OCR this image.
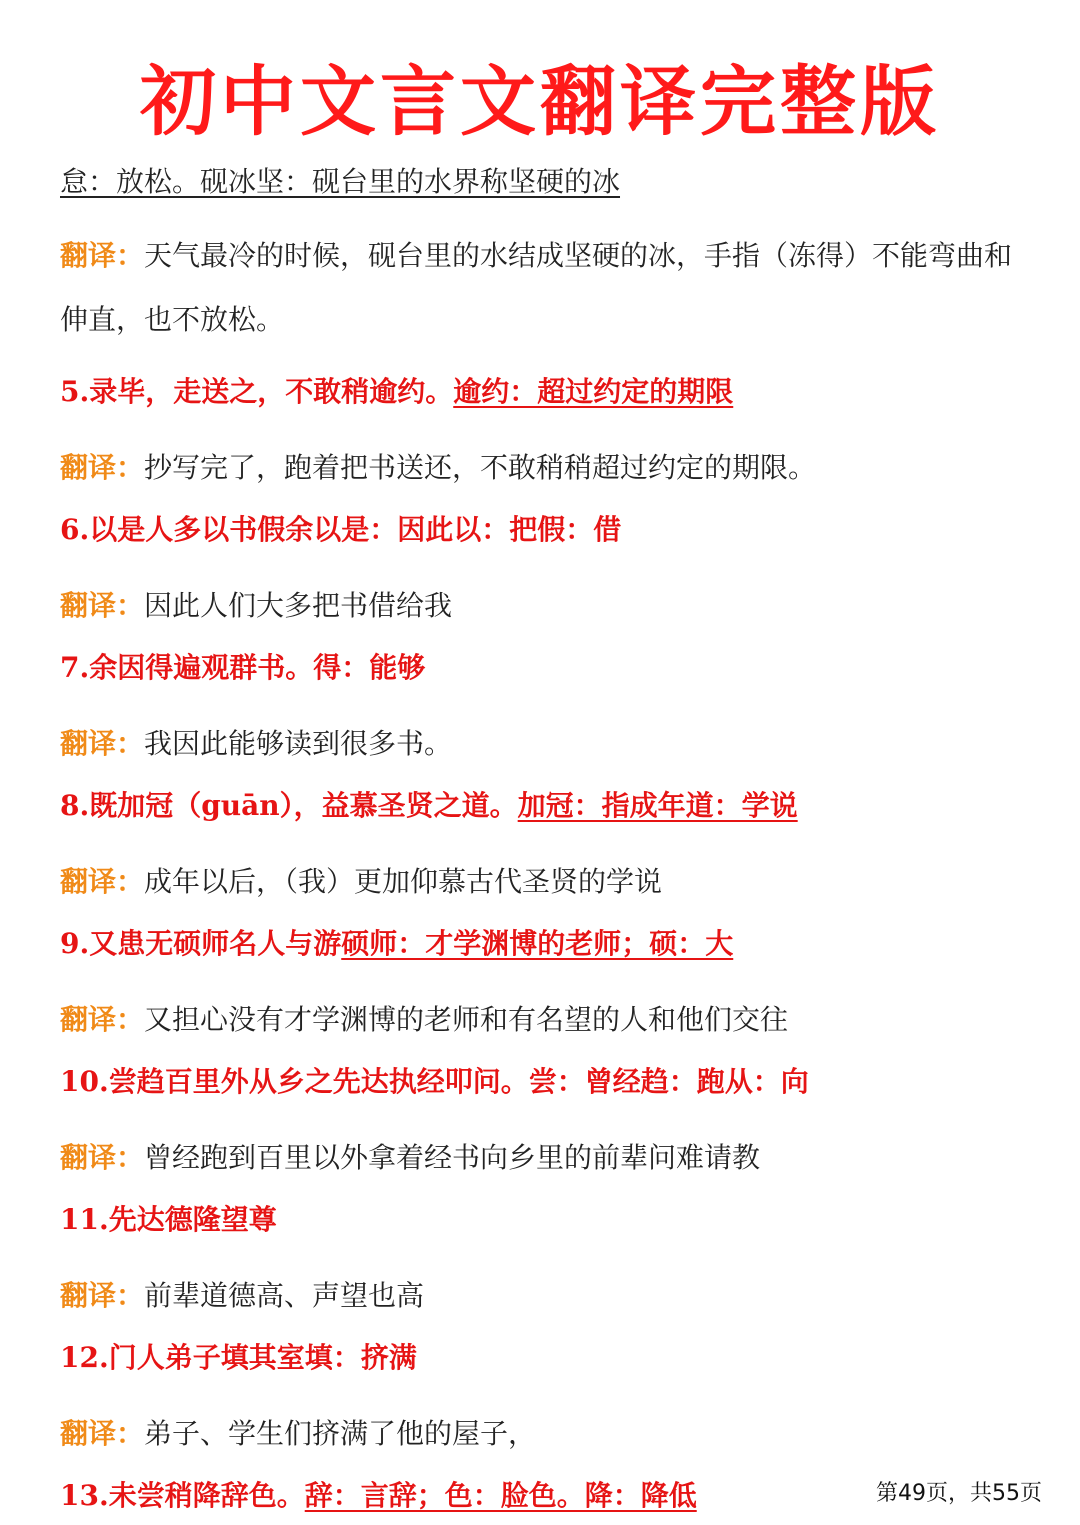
初中文言文翻译完整版
怠：放松。砚冰坚：砚台里的水界称坚硬的冰
翻译：天气最冷的时候，砚台里的水结成坚硬的冰，手指（冻得）不能弯曲和伸直，也不放松。
5.录毕，走送之，不敢稍逾约。逾约：超过约定的期限
翻译：抄写完了，跑着把书送还，不敢稍稍超过约定的期限。
6.以是人多以书假余以是：因此以：把假：借
翻译：因此人们大多把书借给我
7.余因得遍观群书。得：能够
翻译：我因此能够读到很多书。
8.既加冠（guān），益慕圣贤之道。加冠：指成年道：学说
翻译：成年以后，（我）更加仰慕古代圣贤的学说
9.又患无硕师名人与游硕师：才学渊博的老师；硕：大
翻译：又担心没有才学渊博的老师和有名望的人和他们交往
10.尝趋百里外从乡之先达执经叩问。尝：曾经趋：跑从：向
翻译：曾经跑到百里以外拿着经书向乡里的前辈问难请教
11.先达德隆望尊
翻译：前辈道德高、声望也高
12.门人弟子填其室填：挤满
翻译：弟子、学生们挤满了他的屋子，
13.未尝稍降辞色。辞：言辞；色：脸色。降：降低	第49页，共55页
